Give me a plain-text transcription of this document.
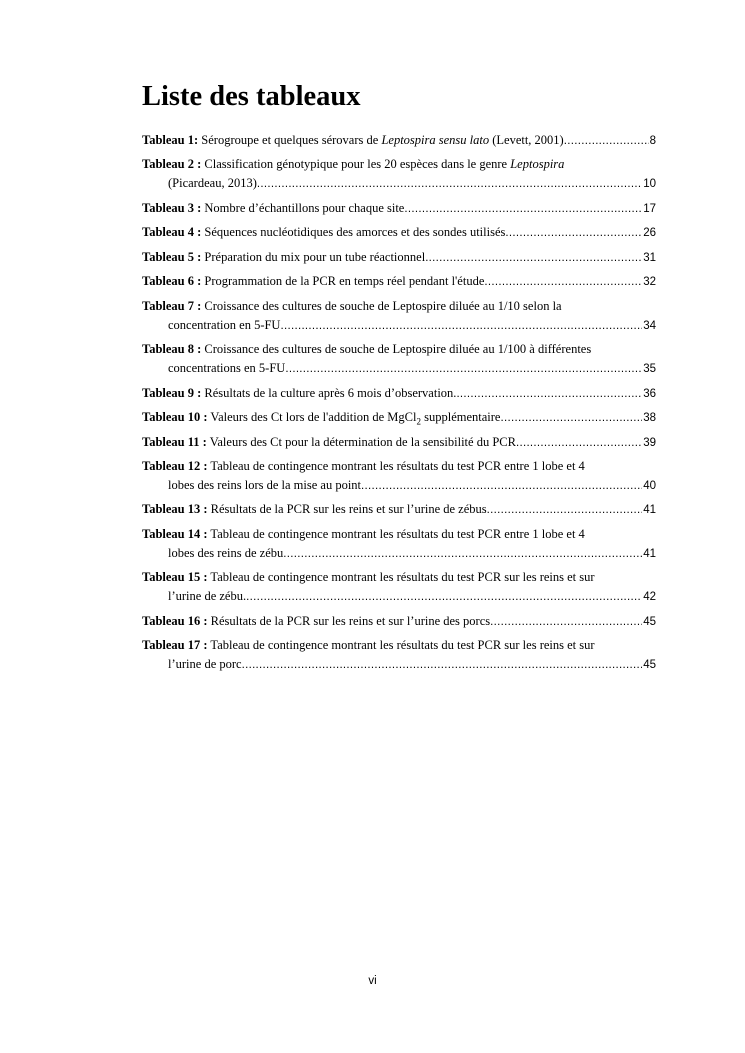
Liste des tableaux
Tableau 1: Sérogroupe et quelques sérovars de Leptospira sensu lato (Levett, 2001) .....	8
Tableau 2 : Classification génotypique pour les 20 espèces dans le genre Leptospira
(Picardeau, 2013) .....	10
Tableau 3 : Nombre d’échantillons pour chaque site .....	17
Tableau 4 : Séquences nucléotidiques des amorces et des sondes utilisés .....	26
Tableau 5 : Préparation du mix pour un tube réactionnel .....	31
Tableau 6 : Programmation de la PCR en temps réel pendant l'étude .....	32
Tableau 7 : Croissance des cultures de souche de Leptospire diluée au 1/10 selon la
concentration en 5-FU .....	34
Tableau 8 : Croissance des cultures de souche de Leptospire diluée au 1/100 à différentes
concentrations en 5-FU .....	35
Tableau 9 : Résultats de la culture après 6 mois d’observation. .....	36
Tableau 10 : Valeurs des Ct lors de l'addition de MgCl$_2$ supplémentaire .....	38
Tableau 11 : Valeurs des Ct pour la détermination de la sensibilité du PCR .....	39
Tableau 12 : Tableau de contingence montrant les résultats du test PCR entre 1 lobe et 4
lobes des reins lors de la mise au point .....	40
Tableau 13 : Résultats de la PCR sur les reins et sur l’urine de zébus .....	41
Tableau 14 : Tableau de contingence montrant les résultats du test PCR entre 1 lobe et 4
lobes des reins de zébu .....	41
Tableau 15 : Tableau de contingence montrant les résultats du test PCR sur les reins et sur
l’urine de zébu. .....	42
Tableau 16 : Résultats de la PCR sur les reins et sur l’urine des porcs .....	45
Tableau 17 : Tableau de contingence montrant les résultats du test PCR sur les reins et sur
l’urine de porc .....	45
vi
